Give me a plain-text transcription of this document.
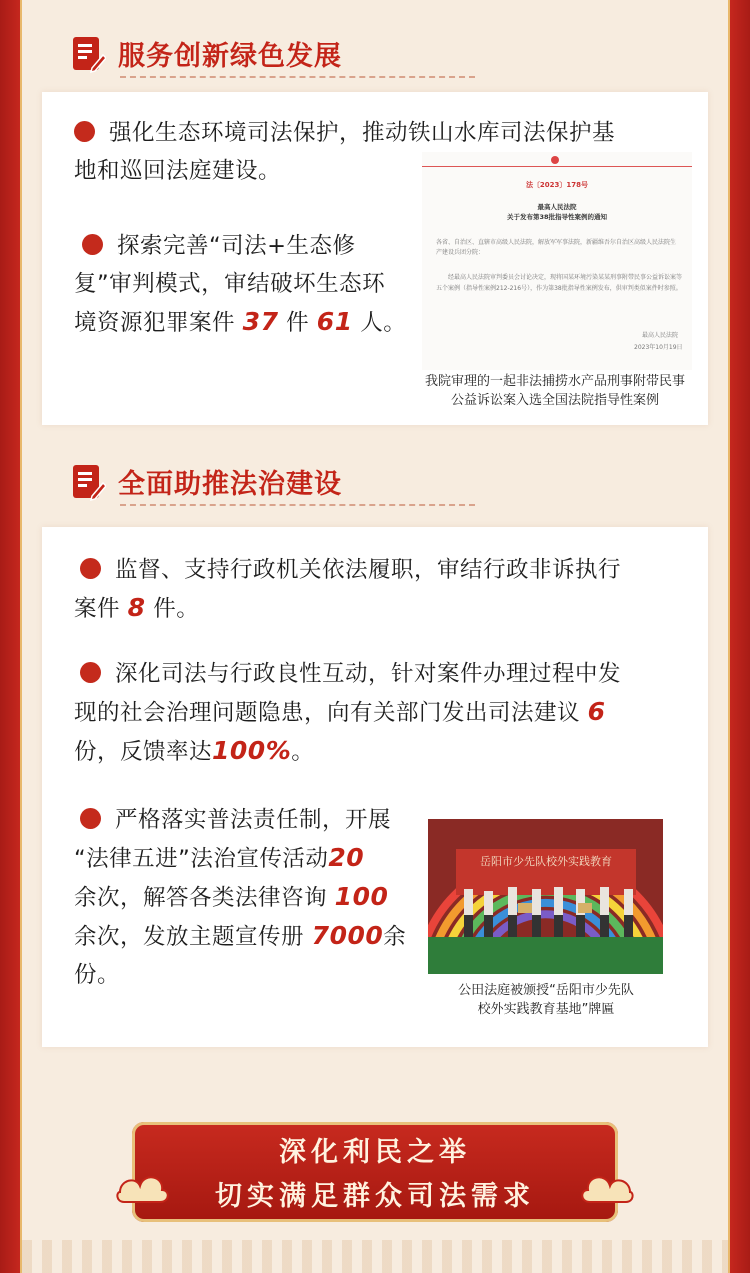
服务创新绿色发展
强化生态环境司法保护，推动铁山水库司法保护基
地和巡回法庭建设。
探索完善“司法+生态修
复”审判模式，审结破坏生态环
境资源犯罪案件 37 件 61 人。
法〔2023〕178号
最高人民法院
关于发布第38批指导性案例的通知
各省、自治区、直辖市高级人民法院，解放军军事法院，新疆维吾尔自治区高级人民法院生
产建设兵团分院：
经最高人民法院审判委员会讨论决定，现将国某环境污染某某刑事附带民事公益诉讼案等
五个案例（指导性案例212-216号），作为第38批指导性案例发布，供审判类似案件时参照。
最高人民法院
2023年10月19日
我院审理的一起非法捕捞水产品刑事附带民事
公益诉讼案入选全国法院指导性案例
全面助推法治建设
监督、支持行政机关依法履职，审结行政非诉执行
案件 8 件。
深化司法与行政良性互动，针对案件办理过程中发
现的社会治理问题隐患，向有关部门发出司法建议 6
份，反馈率达100%。
严格落实普法责任制，开展
“法律五进”法治宣传活动20
余次，解答各类法律咨询 100
余次，发放主题宣传册 7000余
份。
岳阳市少先队校外实践教育
公田法庭被颁授“岳阳市少先队
校外实践教育基地”牌匾
深化利民之举
切实满足群众司法需求
